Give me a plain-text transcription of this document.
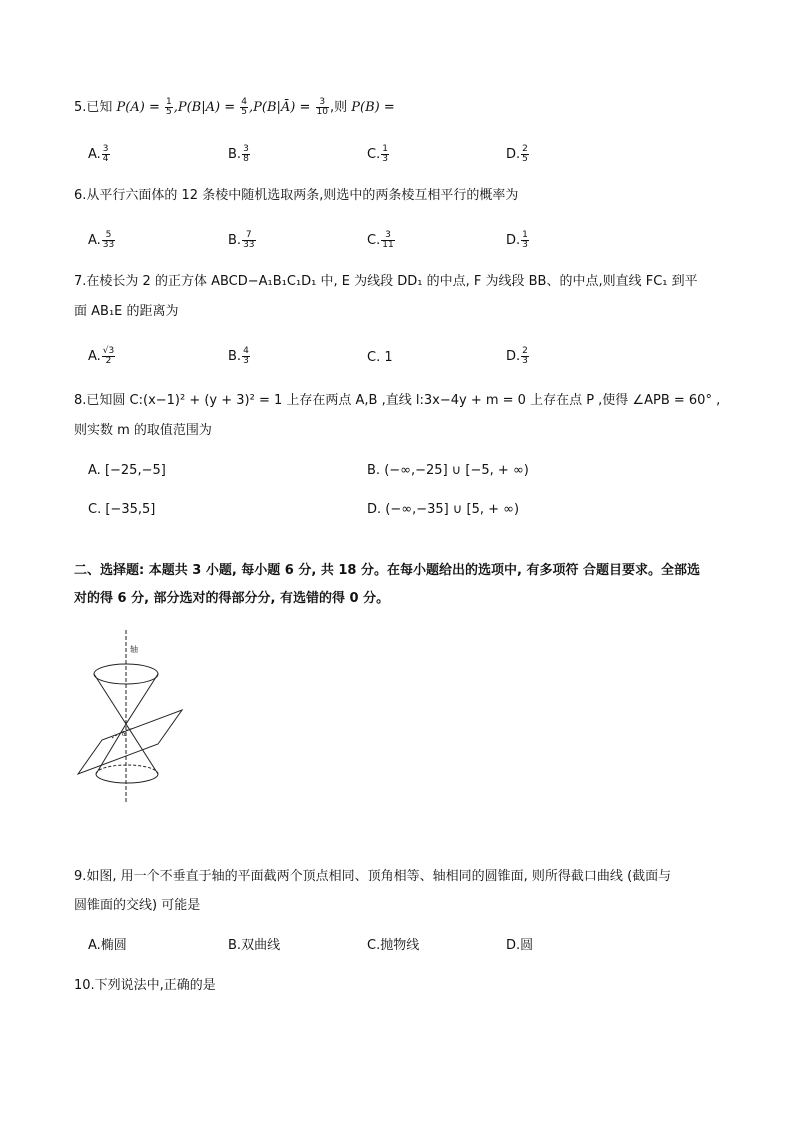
5.已知 $P(A) = \frac{1}{5} ,P(B|A) = \frac{4}{5}$ ,P(B|Ā) = $\frac{3}{10}$ ,则 P(B) =
A. $\frac{3}{4}$	B. $\frac{3}{8}$	C. $\frac{1}{3}$	D. $\frac{2}{5}$
6.从平行六面体的 12 条棱中随机选取两条,则选中的两条棱互相平行的概率为
A. $\frac{5}{33}$	B. $\frac{7}{33}$	C. $\frac{3}{11}$	D. $\frac{1}{3}$
7.在棱长为 2 的正方体 ABCD−A₁B₁C₁D₁ 中, E 为线段 DD₁ 的中点, F 为线段 BB、的中点,则直线 FC₁ 到平
面 AB₁E 的距离为
A. $\frac{√3}{2}$	B. $\frac{4}{3}$	C. 1	D. $\frac{2}{3}$
8.已知圆 C:(x−1)² + (y + 3)² = 1 上存在两点 A,B ,直线 l:3x−4y + m = 0 上存在点 P ,使得 ∠APB = 60° ,
则实数 m 的取值范围为
A. [−25,−5]	B. (−∞,−25] ∪ [−5, + ∞)
C. [−35,5]	D. (−∞,−35] ∪ [5, + ∞)
二、选择题: 本题共 3 小题, 每小题 6 分, 共 18 分。在每小题给出的选项中, 有多项符 合题目要求。全部选
对的得 6 分, 部分选对的得部分分, 有选错的得 0 分。
轴
α
9.如图, 用一个不垂直于轴的平面截两个顶点相同、顶角相等、轴相同的圆锥面, 则所得截口曲线 (截面与
圆锥面的交线) 可能是
A.椭圆	B.双曲线	C.抛物线	D.圆
10.下列说法中,正确的是
